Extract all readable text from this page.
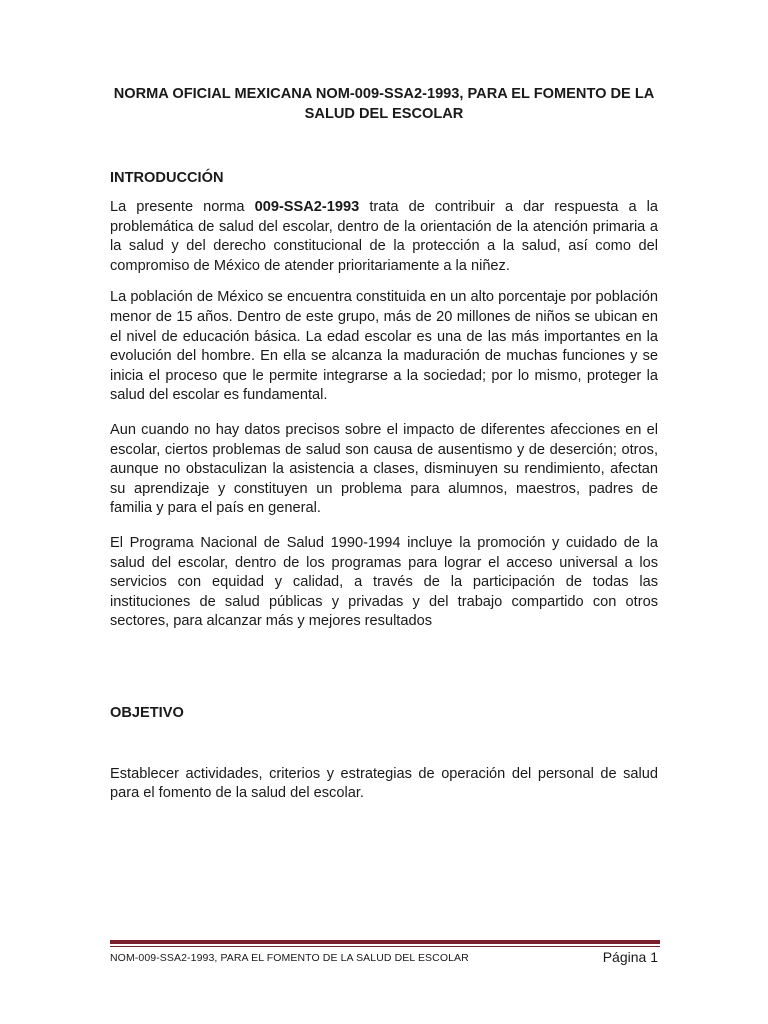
NORMA OFICIAL MEXICANA NOM-009-SSA2-1993, PARA EL FOMENTO DE LA SALUD DEL ESCOLAR
INTRODUCCIÓN

La presente norma 009-SSA2-1993 trata de contribuir a dar respuesta a la problemática de salud del escolar, dentro de la orientación de la atención primaria a la salud y del derecho constitucional de la protección a la salud, así como del compromiso de México de atender prioritariamente a la niñez.

La población de México se encuentra constituida en un alto porcentaje por población menor de 15 años. Dentro de este grupo, más de 20 millones de niños se ubican en el nivel de educación básica. La edad escolar es una de las más importantes en la evolución del hombre. En ella se alcanza la maduración de muchas funciones y se inicia el proceso que le permite integrarse a la sociedad; por lo mismo, proteger la salud del escolar es fundamental.

Aun cuando no hay datos precisos sobre el impacto de diferentes afecciones en el escolar, ciertos problemas de salud son causa de ausentismo y de deserción; otros, aunque no obstaculizan la asistencia a clases, disminuyen su rendimiento, afectan su aprendizaje y constituyen un problema para alumnos, maestros, padres de familia y para el país en general.

El Programa Nacional de Salud 1990-1994 incluye la promoción y cuidado de la salud del escolar, dentro de los programas para lograr el acceso universal a los servicios con equidad y calidad, a través de la participación de todas las instituciones de salud públicas y privadas y del trabajo compartido con otros sectores, para alcanzar más y mejores resultados

OBJETIVO

Establecer actividades, criterios y estrategias de operación del personal de salud para el fomento de la salud del escolar.

NOM-009-SSA2-1993, PARA EL FOMENTO DE LA SALUD DEL ESCOLAR	Página 1
